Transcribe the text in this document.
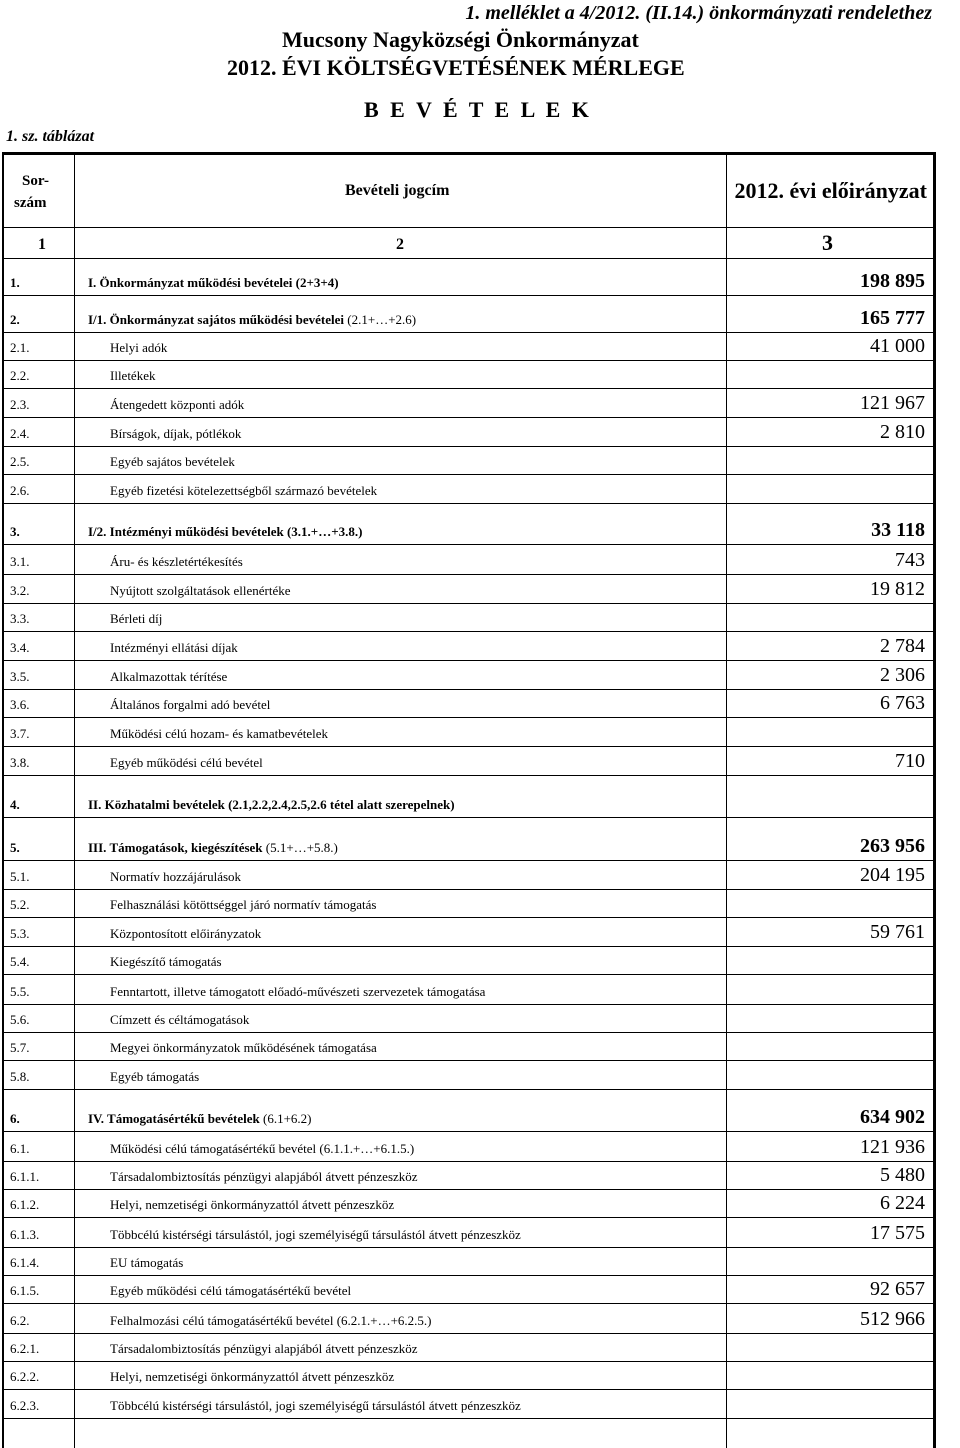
1. melléklet a 4/2012. (II.14.) önkormányzati rendelethez
Mucsony Nagyközségi Önkormányzat
2012. ÉVI KÖLTSÉGVETÉSÉNEK MÉRLEGE
B E V É T E L E K
1. sz. táblázat
Sor-
szám
Bevételi jogcím	2012. évi előirányzat
1	2	3
1.	I. Önkormányzat működési bevételei (2+3+4)	198 895
2.	I/1. Önkormányzat sajátos működési bevételei (2.1+…+2.6)	165 777
2.1.	Helyi adók	41 000
2.2.	Illetékek
2.3.	Átengedett központi adók	121 967
2.4.	Bírságok, díjak, pótlékok	2 810
2.5.	Egyéb sajátos bevételek
2.6.	Egyéb fizetési kötelezettségből származó bevételek
3.	I/2. Intézményi működési bevételek (3.1.+…+3.8.)	33 118
3.1.	Áru- és készletértékesítés	743
3.2.	Nyújtott szolgáltatások ellenértéke	19 812
3.3.	Bérleti díj
3.4.	Intézményi ellátási díjak	2 784
3.5.	Alkalmazottak térítése	2 306
3.6.	Általános forgalmi adó bevétel	6 763
3.7.	Működési célú hozam- és kamatbevételek
3.8.	Egyéb működési célú bevétel	710
4.	II. Közhatalmi bevételek (2.1,2.2,2.4,2.5,2.6 tétel alatt szerepelnek)
5.	III. Támogatások, kiegészítések (5.1+…+5.8.)	263 956
5.1.	Normatív hozzájárulások	204 195
5.2.	Felhasználási kötöttséggel járó normatív támogatás
5.3.	Központosított előirányzatok	59 761
5.4.	Kiegészítő támogatás
5.5.	Fenntartott, illetve támogatott előadó-művészeti szervezetek támogatása
5.6.	Címzett és céltámogatások
5.7.	Megyei önkormányzatok működésének támogatása
5.8.	Egyéb támogatás
6.	IV. Támogatásértékű bevételek (6.1+6.2)	634 902
6.1.	Működési célú támogatásértékű bevétel (6.1.1.+…+6.1.5.)	121 936
6.1.1.	Társadalombiztosítás pénzügyi alapjából átvett pénzeszköz	5 480
6.1.2.	Helyi, nemzetiségi önkormányzattól átvett pénzeszköz	6 224
6.1.3.	Többcélú kistérségi társulástól, jogi személyiségű társulástól átvett pénzeszköz	17 575
6.1.4.	EU támogatás
6.1.5.	Egyéb működési célú támogatásértékű bevétel	92 657
6.2.	Felhalmozási célú támogatásértékű bevétel (6.2.1.+…+6.2.5.)	512 966
6.2.1.	Társadalombiztosítás pénzügyi alapjából átvett pénzeszköz
6.2.2.	Helyi, nemzetiségi önkormányzattól átvett pénzeszköz
6.2.3.	Többcélú kistérségi társulástól, jogi személyiségű társulástól átvett pénzeszköz
